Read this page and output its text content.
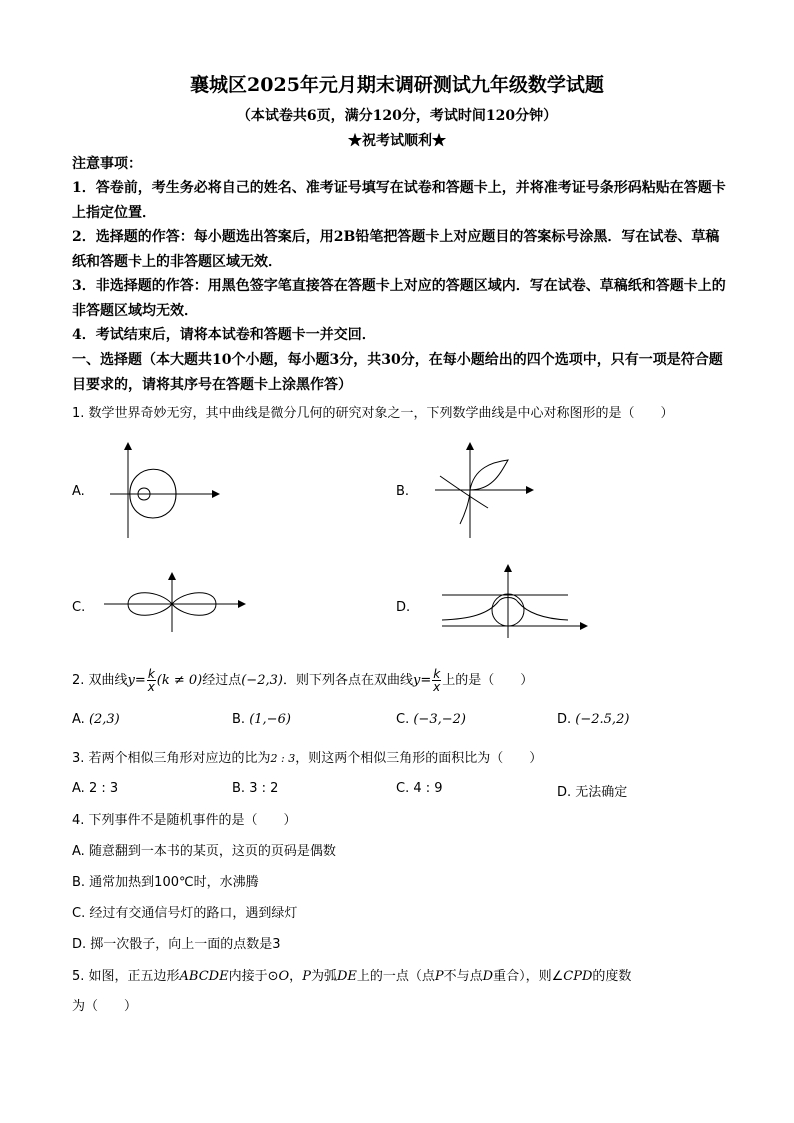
襄城区2025年元月期末调研测试九年级数学试题
（本试卷共6页，满分120分，考试时间120分钟）
★祝考试顺利★
注意事项：
1．答卷前，考生务必将自己的姓名、准考证号填写在试卷和答题卡上，并将准考证号条形码粘贴在答题卡上指定位置．
2．选择题的作答：每小题选出答案后，用2B铅笔把答题卡上对应题目的答案标号涂黑．写在试卷、草稿纸和答题卡上的非答题区域无效．
3．非选择题的作答：用黑色签字笔直接答在答题卡上对应的答题区域内．写在试卷、草稿纸和答题卡上的非答题区域均无效．
4．考试结束后，请将本试卷和答题卡一并交回．
一、选择题（本大题共10个小题，每小题3分，共30分，在每小题给出的四个选项中，只有一项是符合题目要求的，请将其序号在答题卡上涂黑作答）
1. 数学世界奇妙无穷，其中曲线是微分几何的研究对象之一，下列数学曲线是中心对称图形的是（　　）
A.	B.
C.	D.
2. 双曲线$y= \frac{k}{x} (k \ne 0)$经过点(−2,3)．则下列各点在双曲线$y= \frac{k}{x}$ 上的是（　　）
A. (2,3)	B. (1,−6)	C. (−3,−2)	D. (−2.5,2)
3. 若两个相似三角形对应边的比为2 : 3，则这两个相似三角形的面积比为（　　）
A. 2 : 3	B. 3 : 2	C. 4 : 9	D. 无法确定
4. 下列事件不是随机事件的是（　　）
A. 随意翻到一本书的某页，这页的页码是偶数
B. 通常加热到100℃时，水沸腾
C. 经过有交通信号灯的路口，遇到绿灯
D. 掷一次骰子，向上一面的点数是3
5. 如图，正五边形ABCDE内接于⊙O，P为弧DE上的一点（点P不与点D重合），则∠CPD的度数
为（　　）
